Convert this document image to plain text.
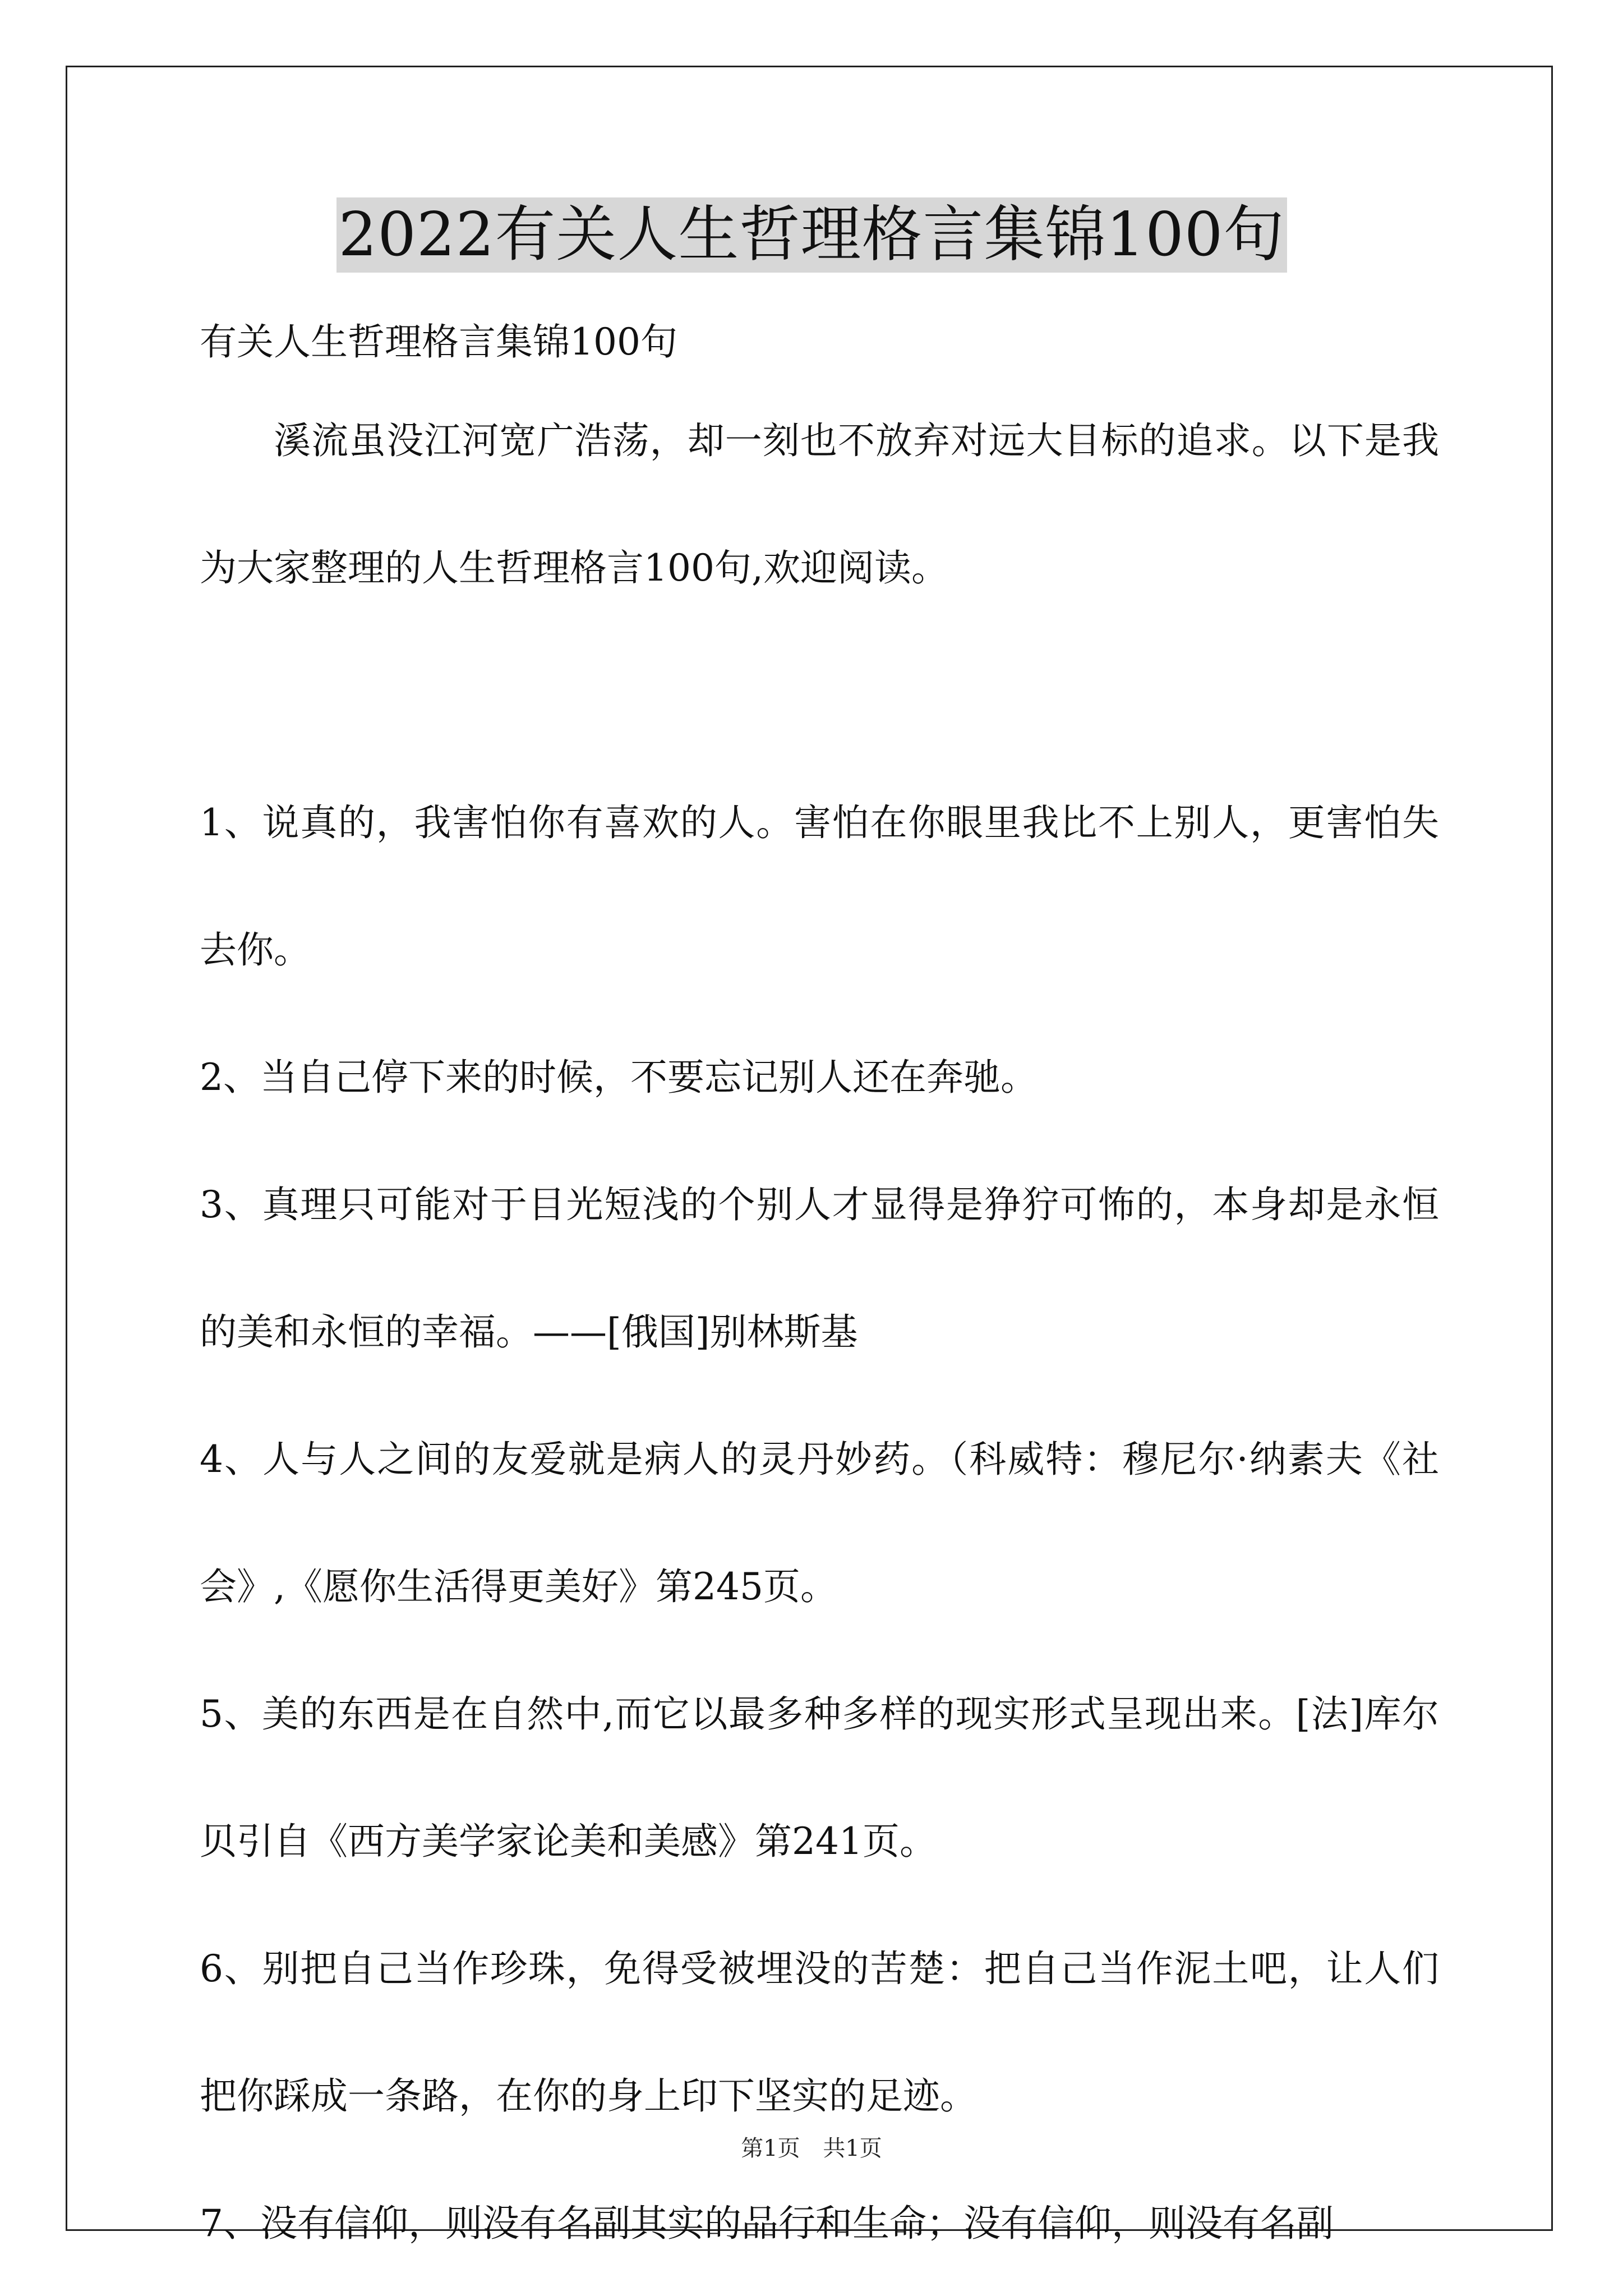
2022有关人生哲理格言集锦100句
有关人生哲理格言集锦100句

溪流虽没江河宽广浩荡，却一刻也不放弃对远大目标的追求。以下是我为大家整理的人生哲理格言100句,欢迎阅读。

1、说真的，我害怕你有喜欢的人。害怕在你眼里我比不上别人，更害怕失去你。

2、当自己停下来的时候，不要忘记别人还在奔驰。

3、真理只可能对于目光短浅的个别人才显得是狰狞可怖的，本身却是永恒的美和永恒的幸福。——[俄国]别林斯基

4、人与人之间的友爱就是病人的灵丹妙药。（科威特：穆尼尔·纳素夫《社会》,《愿你生活得更美好》第245页。

5、美的东西是在自然中,而它以最多种多样的现实形式呈现出来。[法]库尔贝引自《西方美学家论美和美感》第241页。

6、别把自己当作珍珠，免得受被埋没的苦楚：把自己当作泥土吧，让人们把你踩成一条路，在你的身上印下坚实的足迹。

7、没有信仰，则没有名副其实的品行和生命；没有信仰，则没有名副

第1页 共1页
